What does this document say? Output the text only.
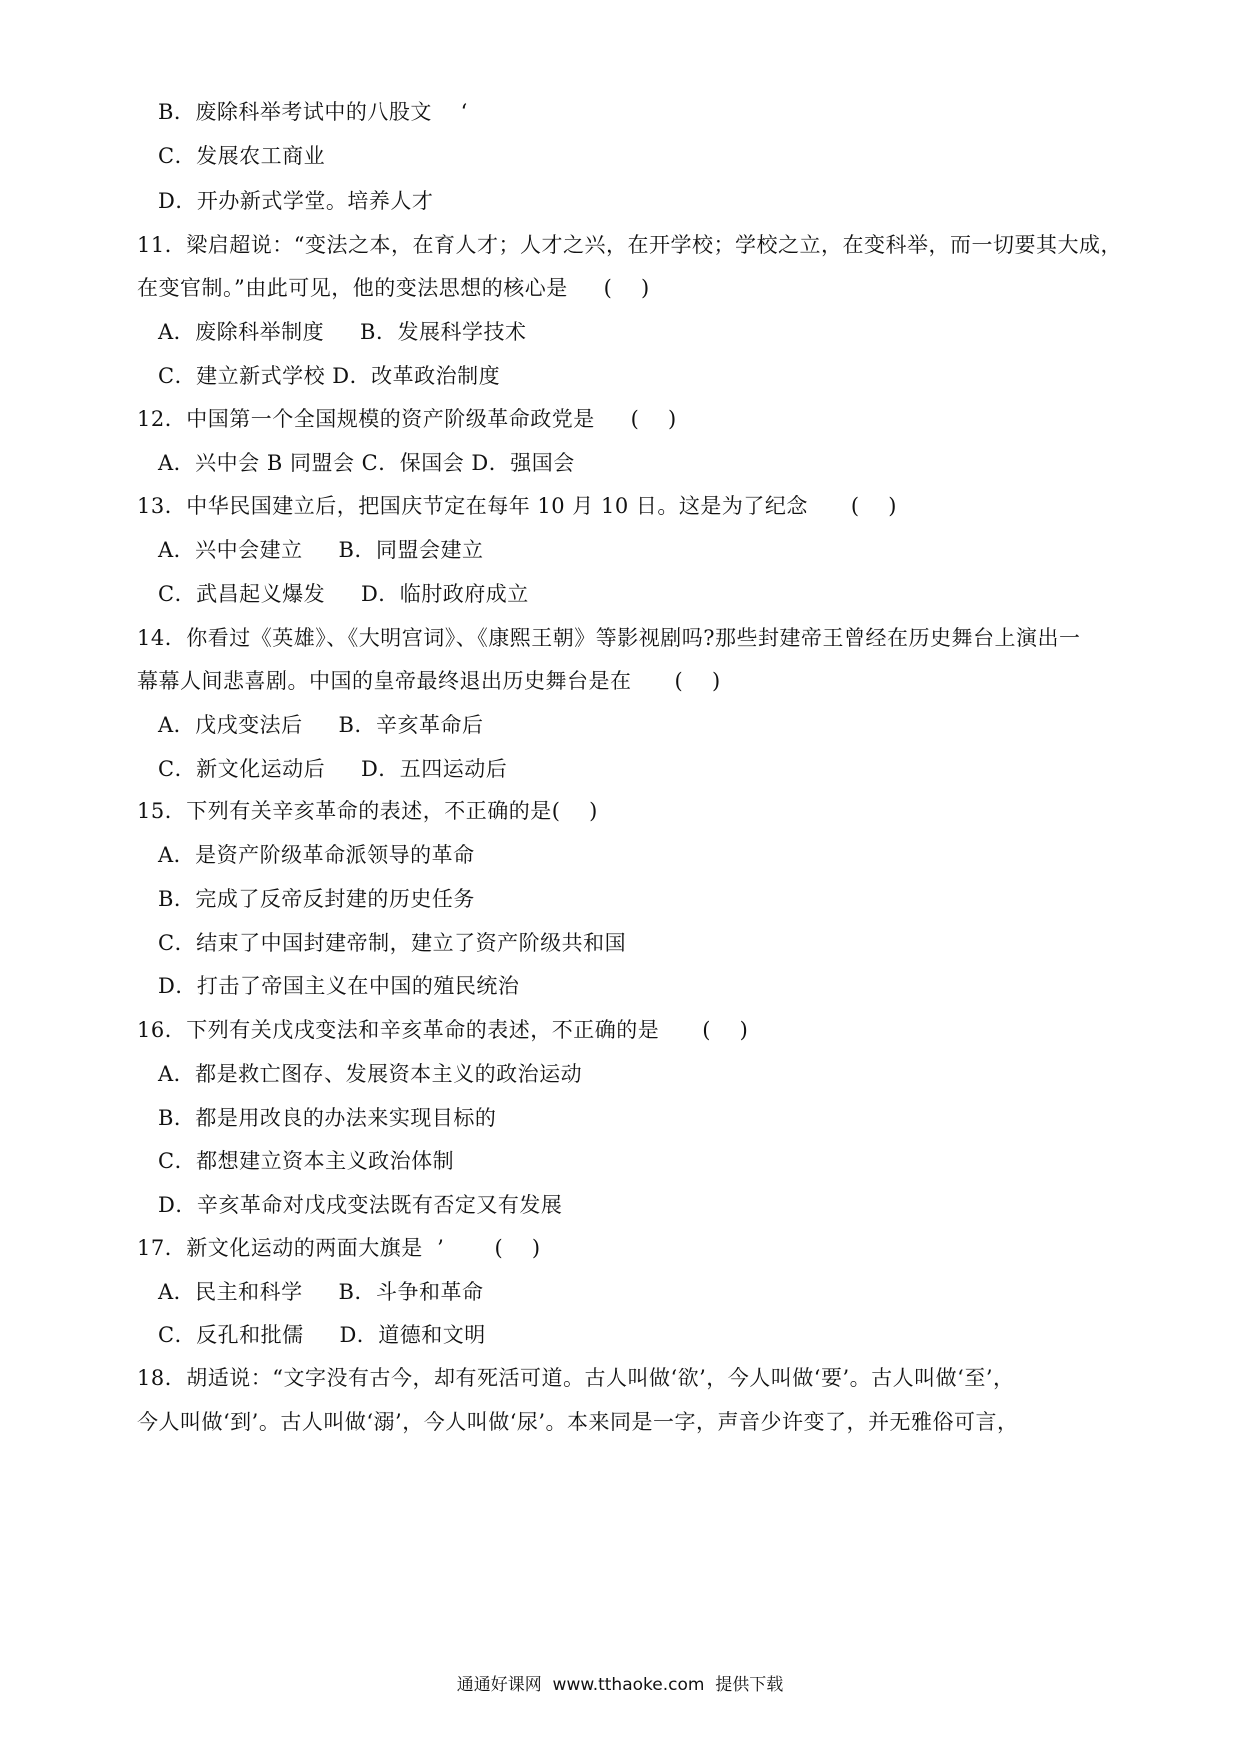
B．废除科举考试中的八股文    ‘
C．发展农工商业
D．开办新式学堂。培养人才
11．梁启超说：“变法之本，在育人才；人才之兴，在开学校；学校之立，在变科举，而一切要其大成，
在变官制。”由此可见，他的变法思想的核心是     (    )
A．废除科举制度     B．发展科学技术
C．建立新式学校 D．改革政治制度
12．中国第一个全国规模的资产阶级革命政党是     (    )
A．兴中会 B 同盟会 C．保国会 D．强国会
13．中华民国建立后，把国庆节定在每年 10 月 10 日。这是为了纪念      (    )
A．兴中会建立     B．同盟会建立
C．武昌起义爆发     D．临肘政府成立
14．你看过《英雄》、《大明宫词》、《康熙王朝》等影视剧吗?那些封建帝王曾经在历史舞台上演出一
幕幕人间悲喜剧。中国的皇帝最终退出历史舞台是在      (    )
A．戊戌变法后     B．辛亥革命后
C．新文化运动后     D．五四运动后
15．下列有关辛亥革命的表述，不正确的是(    )
A．是资产阶级革命派领导的革命
B．完成了反帝反封建的历史任务
C．结束了中国封建帝制，建立了资产阶级共和国
D．打击了帝国主义在中国的殖民统治
16．下列有关戊戌变法和辛亥革命的表述，不正确的是      (    )
A．都是救亡图存、发展资本主义的政治运动
B．都是用改良的办法来实现目标的
C．都想建立资本主义政治体制
D．辛亥革命对戊戌变法既有否定又有发展
17．新文化运动的两面大旗是  ’       (    )
A．民主和科学     B．斗争和革命
C．反孔和批儒     D．道德和文明
18．胡适说：“文字没有古今，却有死活可道。古人叫做‘欲’，今人叫做‘要’。古人叫做‘至’，
今人叫做‘到’。古人叫做‘溺’，今人叫做‘尿’。本来同是一字，声音少许变了，并无雅俗可言，
通通好课网  www.tthaoke.com  提供下载
